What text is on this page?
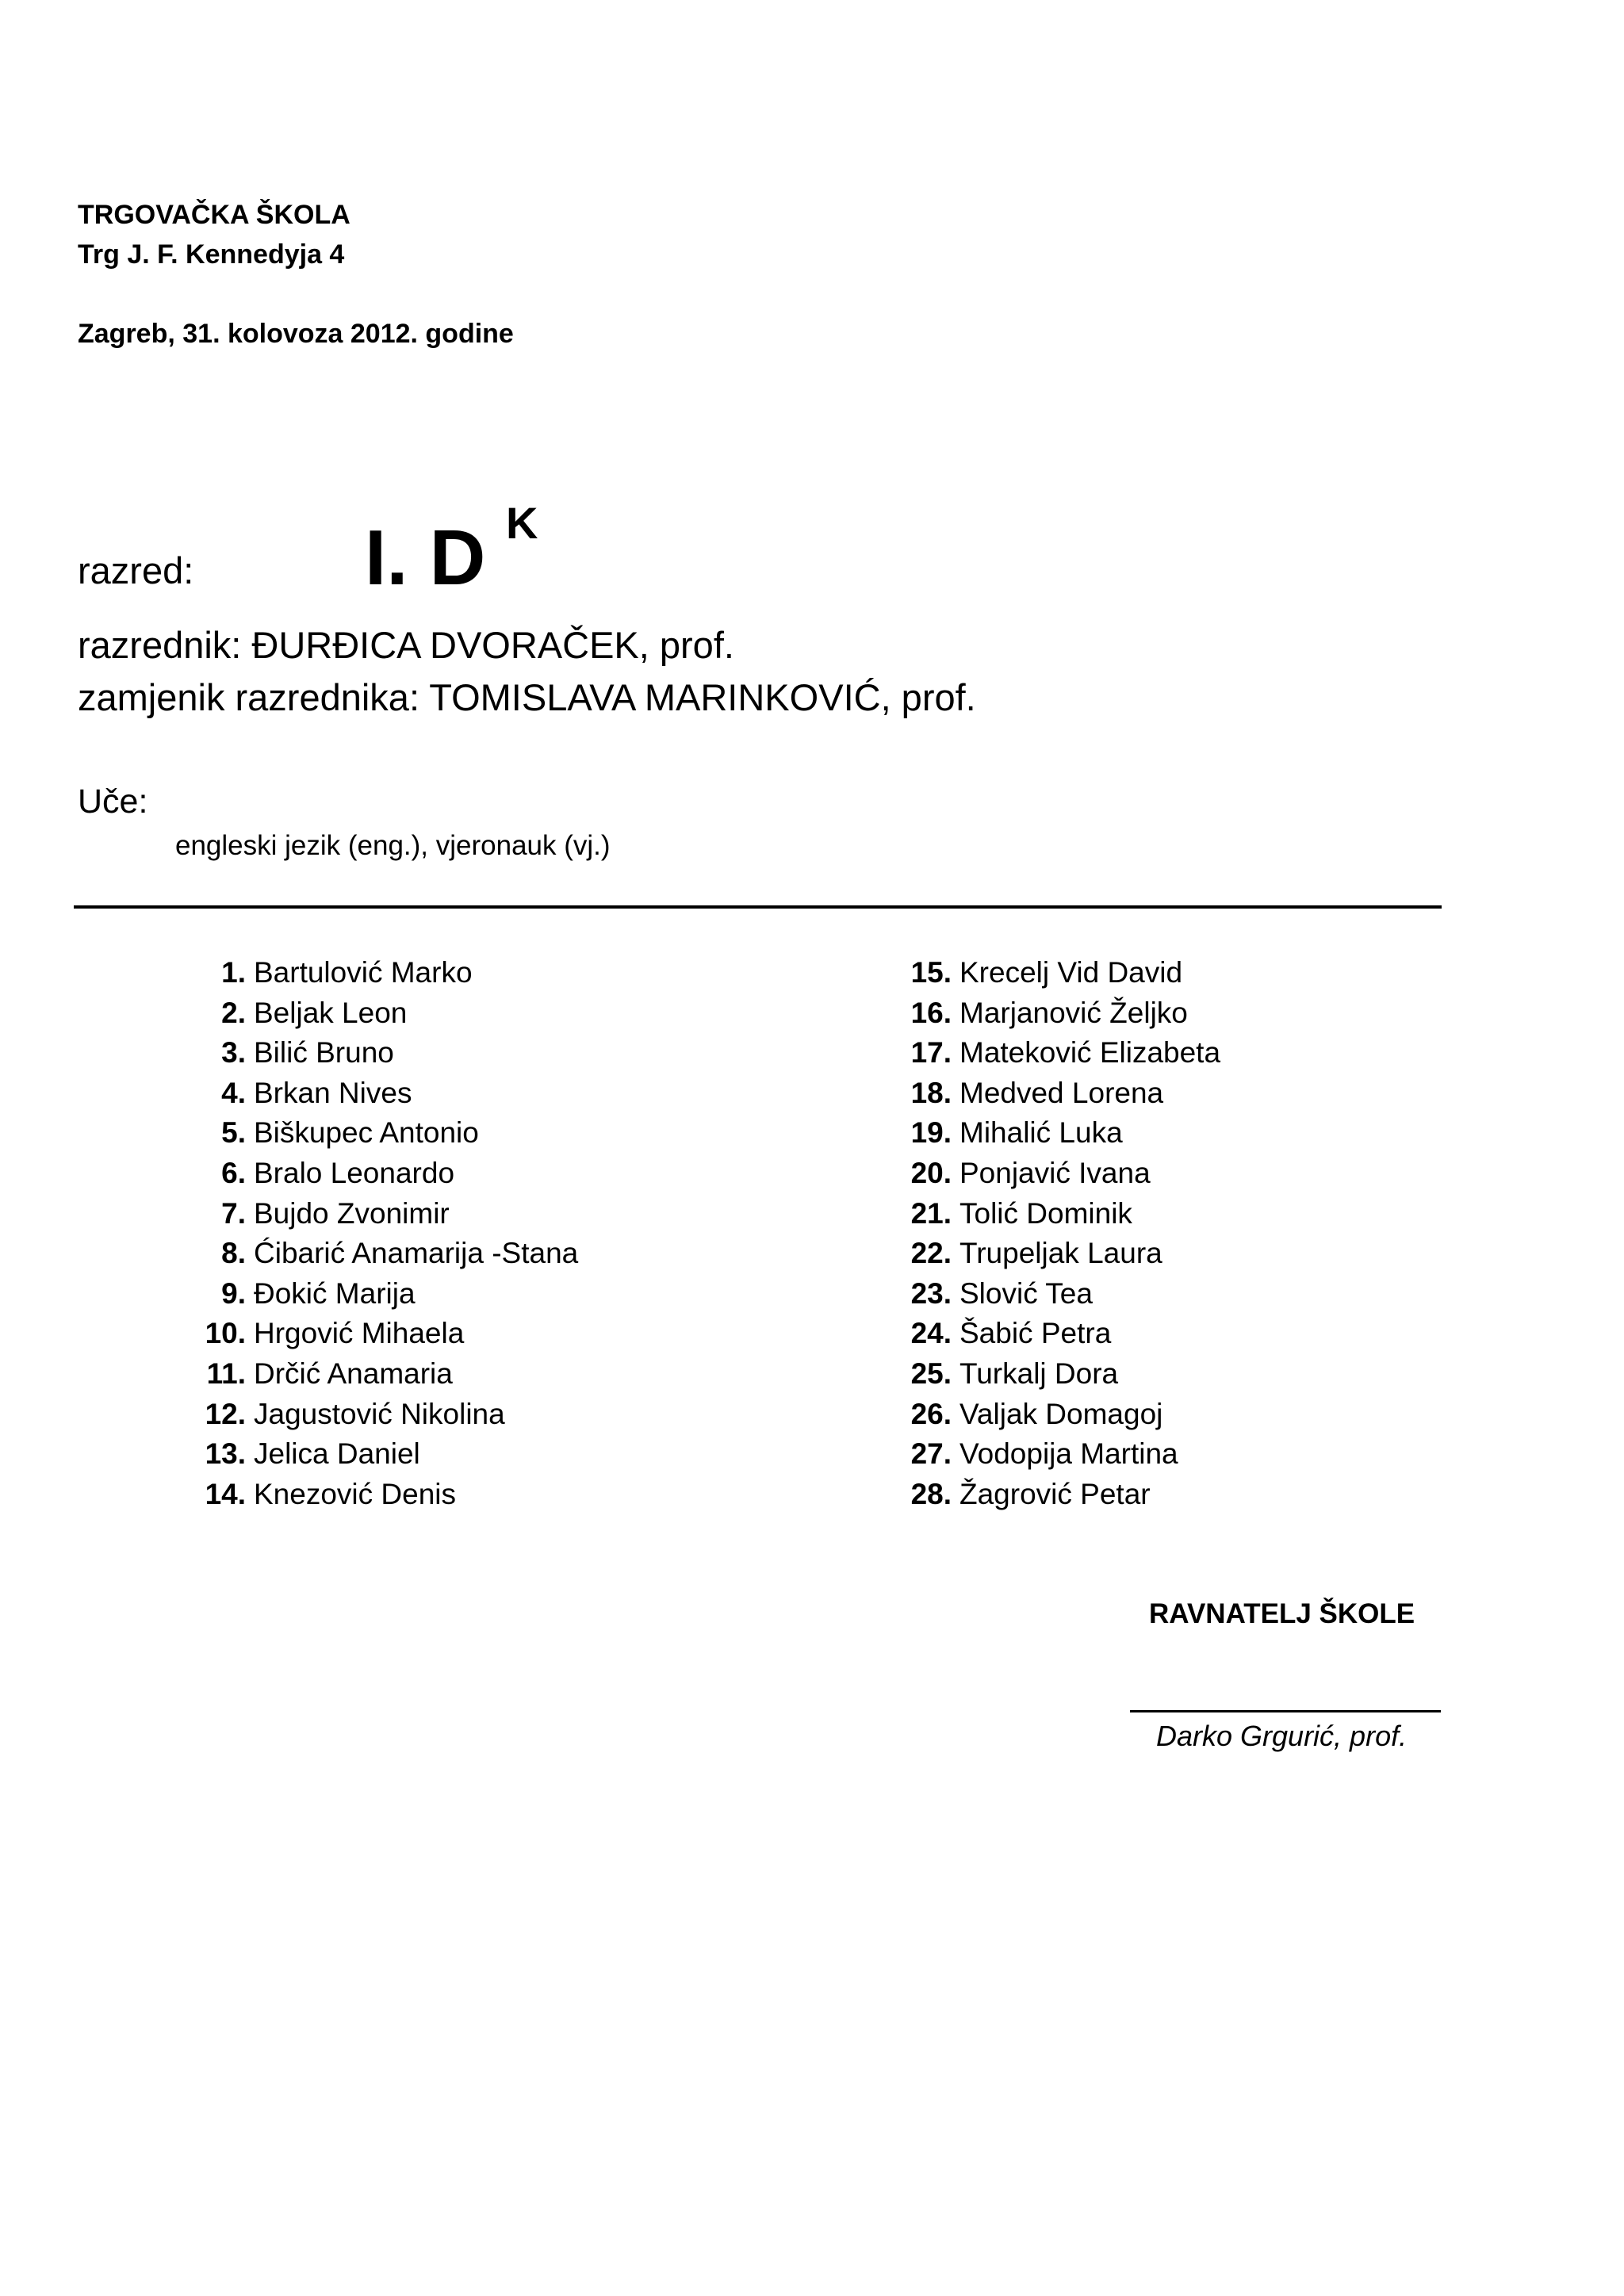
TRGOVAČKA ŠKOLA
Trg J. F. Kennedyja 4
Zagreb, 31. kolovoza 2012. godine
razred: I. D K
razrednik: ĐURĐICA DVORAČEK, prof.
zamjenik razrednika: TOMISLAVA MARINKOVIĆ, prof.
Uče:
engleski jezik (eng.), vjeronauk (vj.)
1. Bartulović Marko
2. Beljak Leon
3. Bilić Bruno
4. Brkan Nives
5. Biškupec Antonio
6. Bralo Leonardo
7. Bujdo Zvonimir
8. Ćibarić Anamarija -Stana
9. Đokić Marija
10. Hrgović Mihaela
11. Drčić Anamaria
12. Jagustović Nikolina
13. Jelica Daniel
14. Knezović Denis
15. Krecelj Vid David
16. Marjanović Željko
17. Mateković Elizabeta
18. Medved Lorena
19. Mihalić Luka
20. Ponjavić Ivana
21. Tolić Dominik
22. Trupeljak Laura
23. Slović Tea
24. Šabić Petra
25. Turkalj Dora
26. Valjak Domagoj
27. Vodopija Martina
28. Žagrović Petar
RAVNATELJ ŠKOLE
Darko Grgurić, prof.
